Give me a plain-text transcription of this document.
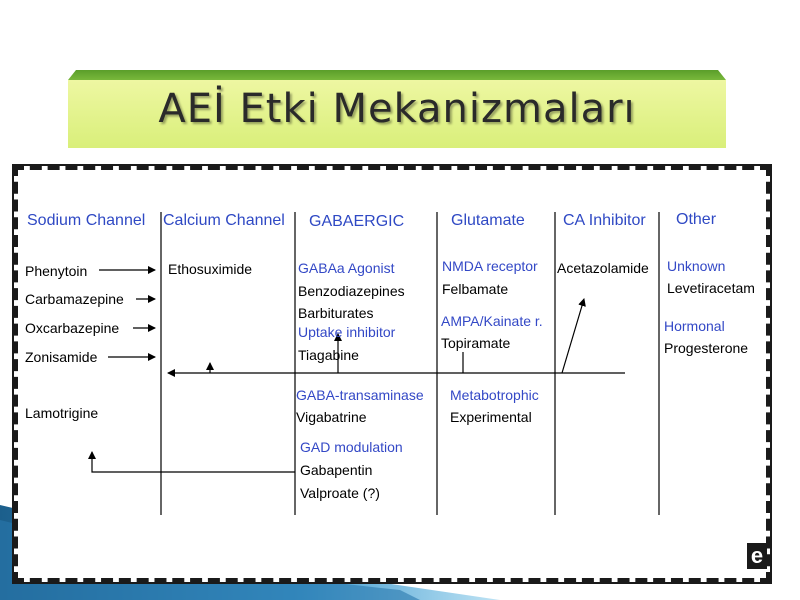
AEİ Etki Mekanizmaları
Sodium Channel Calcium Channel GABAERGIC	Glutamate CA Inhibitor Other
Phenytoin
Carbamazepine
Oxcarbazepine
Zonisamide
Lamotrigine
Ethosuximide	GABAa Agonist
Benzodiazepines
Barbiturates
Uptake inhibitor
Tiagabine
GABA-transaminase
Vigabatrine
GAD modulation
Gabapentin
Valproate (?)
NMDA receptor
Felbamate
AMPA/Kainate r.
Topiramate
Metabotrophic
Experimental
Acetazolamide Unknown
Levetiracetam
Hormonal
Progesterone
e
